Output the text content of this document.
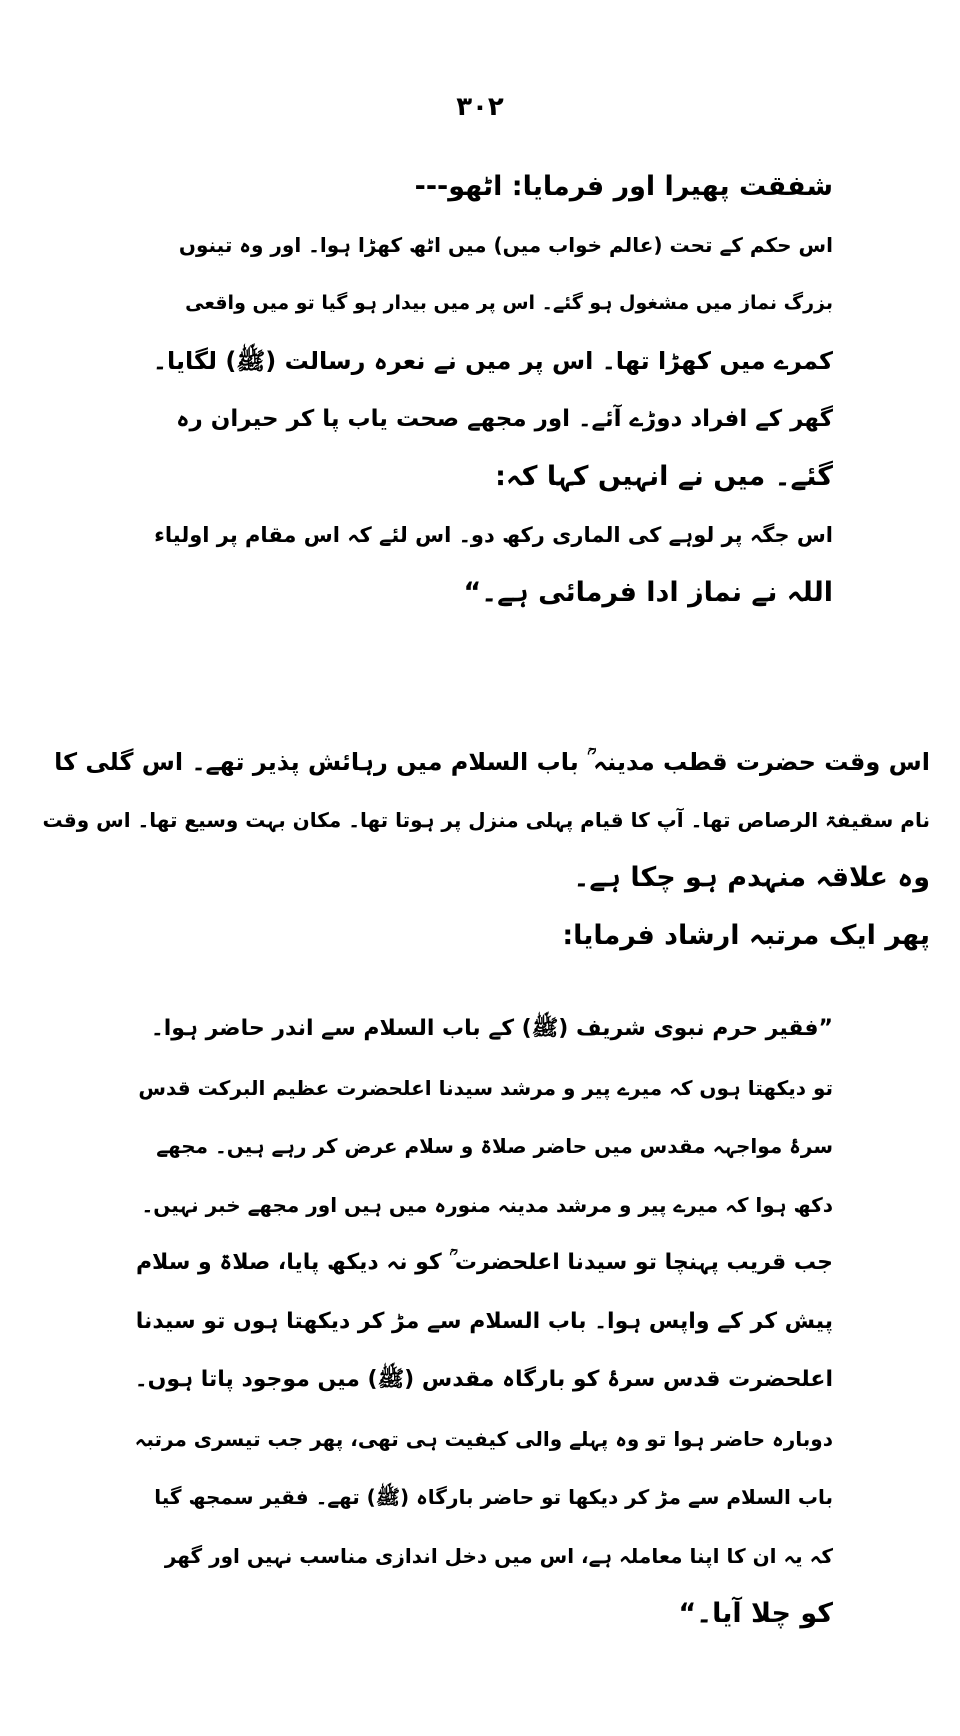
۳۰۲
شفقت پھیرا اور فرمایا: اٹھو---
اس حکم کے تحت (عالم خواب میں) میں اٹھ کھڑا ہوا۔ اور وہ تینوں
بزرگ نماز میں مشغول ہو گئے۔ اس پر میں بیدار ہو گیا تو میں واقعی
کمرے میں کھڑا تھا۔ اس پر میں نے نعرہ رسالت (ﷺ) لگایا۔
گھر کے افراد دوڑے آئے۔ اور مجھے صحت یاب پا کر حیران رہ
گئے۔ میں نے انہیں کہا کہ:
اس جگہ پر لوہے کی الماری رکھ دو۔ اس لئے کہ اس مقام پر اولیاء
اللہ نے نماز ادا فرمائی ہے۔“
اس وقت حضرت قطب مدینہ ؒ باب السلام میں رہائش پذیر تھے۔ اس گلی کا
نام سقیفۃ الرصاص تھا۔ آپ کا قیام پہلی منزل پر ہوتا تھا۔ مکان بہت وسیع تھا۔ اس وقت
وہ علاقہ منہدم ہو چکا ہے۔
پھر ایک مرتبہ ارشاد فرمایا:
”فقیر حرم نبوی شریف (ﷺ) کے باب السلام سے اندر حاضر ہوا۔
تو دیکھتا ہوں کہ میرے پیر و مرشد سیدنا اعلحضرت عظیم البرکت قدس
سرۂ مواجہہ مقدس میں حاضر صلاۃ و سلام عرض کر رہے ہیں۔ مجھے
دکھ ہوا کہ میرے پیر و مرشد مدینہ منورہ میں ہیں اور مجھے خبر نہیں۔
جب قریب پہنچا تو سیدنا اعلحضرت ؒ کو نہ دیکھ پایا، صلاۃ و سلام
پیش کر کے واپس ہوا۔ باب السلام سے مڑ کر دیکھتا ہوں تو سیدنا
اعلحضرت قدس سرۂ کو بارگاہ مقدس (ﷺ) میں موجود پاتا ہوں۔
دوبارہ حاضر ہوا تو وہ پہلے والی کیفیت ہی تھی، پھر جب تیسری مرتبہ
باب السلام سے مڑ کر دیکھا تو حاضر بارگاہ (ﷺ) تھے۔ فقیر سمجھ گیا
کہ یہ ان کا اپنا معاملہ ہے، اس میں دخل اندازی مناسب نہیں اور گھر
کو چلا آیا۔“
